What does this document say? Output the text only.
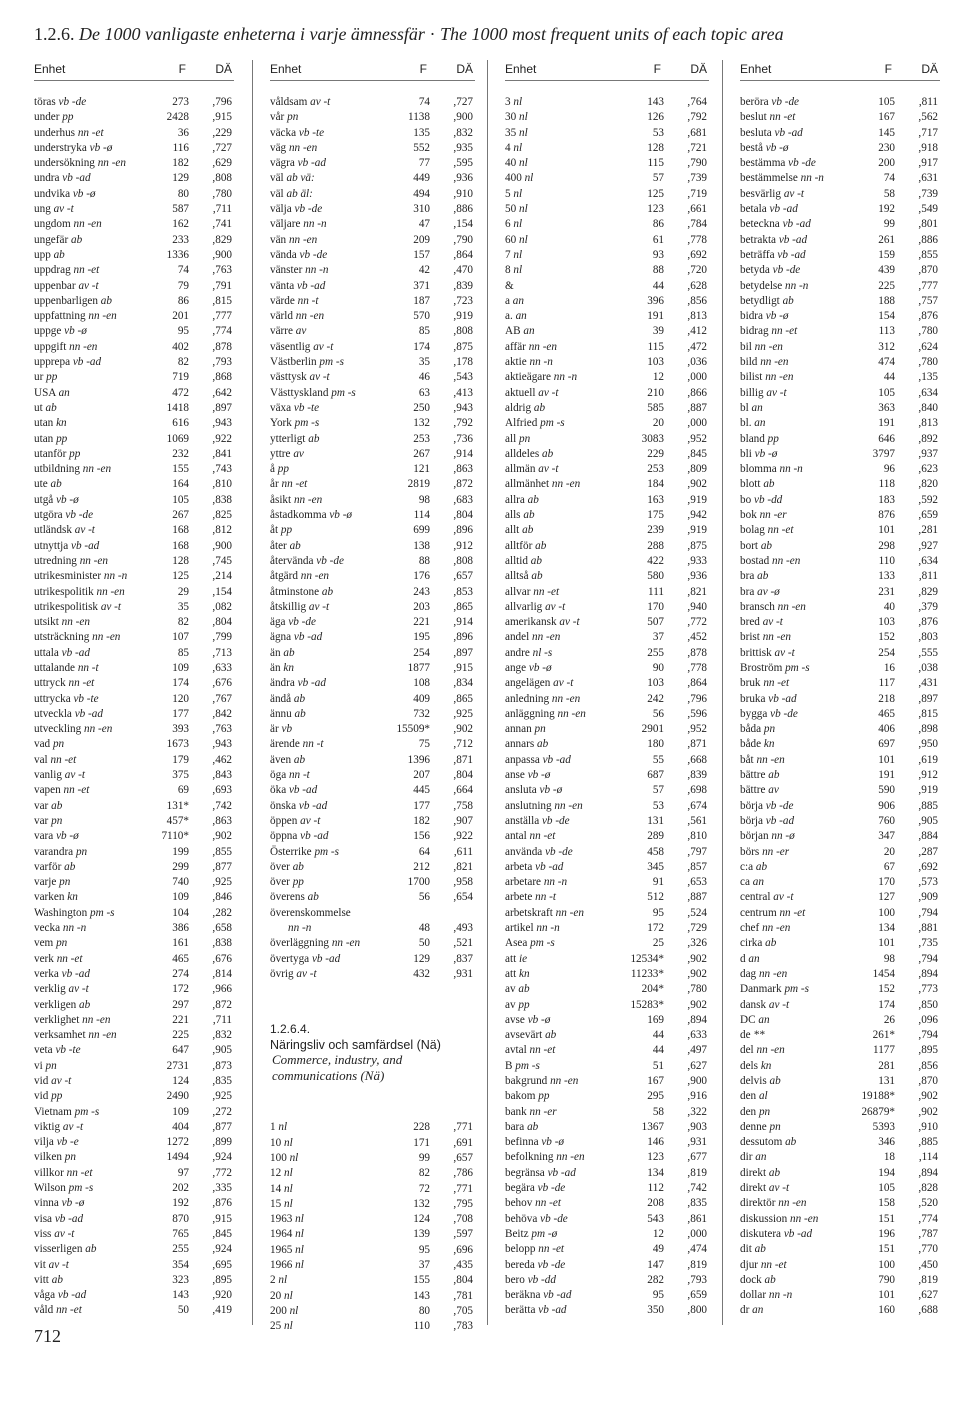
1.2.6. De 1000 vanligaste enheterna i varje ämnessfär · The 1000 most frequent units of each topic area
Enhet	F DÄ
töras vb -de	273 ,796
under pp	2428 ,915
underhus nn -et	36 ,229
understryka vb -ø	116 ,727
undersökning nn -en	182 ,629
undra vb -ad	129 ,808
undvika vb -ø	80 ,780
ung av -t	587 ,711
ungdom nn -en	162 ,741
ungefär ab	233 ,829
upp ab	1336 ,900
uppdrag nn -et	74 ,763
uppenbar av -t	79 ,791
uppenbarligen ab	86 ,815
uppfattning nn -en	201 ,777
uppge vb -ø	95 ,774
uppgift nn -en	402 ,878
upprepa vb -ad	82 ,793
ur pp	719 ,868
USA an	472 ,642
ut ab	1418 ,897
utan kn	616 ,943
utan pp	1069 ,922
utanför pp	232 ,841
utbildning nn -en	155 ,743
ute ab	164 ,810
utgå vb -ø	105 ,838
utgöra vb -de	267 ,825
utländsk av -t	168 ,812
utnyttja vb -ad	168 ,900
utredning nn -en	128 ,745
utrikesminister nn -n	125 ,214
utrikespolitik nn -en	29 ,154
utrikespolitisk av -t	35 ,082
utsikt nn -en	82 ,804
utsträckning nn -en	107 ,799
uttala vb -ad	85 ,713
uttalande nn -t	109 ,633
uttryck nn -et	174 ,676
uttrycka vb -te	120 ,767
utveckla vb -ad	177 ,842
utveckling nn -en	393 ,763
vad pn	1673 ,943
val nn -et	179 ,462
vanlig av -t	375 ,843
vapen nn -et	69 ,693
var ab	131* ,742
var pn	457* ,863
vara vb -ø	7110* ,902
varandra pn	199 ,855
varför ab	299 ,877
varje pn	740 ,925
varken kn	109 ,846
Washington pm -s	104 ,282
vecka nn -n	386 ,658
vem pn	161 ,838
verk nn -et	465 ,676
verka vb -ad	274 ,814
verklig av -t	172 ,966
verkligen ab	297 ,872
verklighet nn -en	221 ,711
verksamhet nn -en	225 ,832
veta vb -te	647 ,905
vi pn	2731 ,873
vid av -t	124 ,835
vid pp	2490 ,925
Vietnam pm -s	109 ,272
viktig av -t	404 ,877
vilja vb -e	1272 ,899
vilken pn	1494 ,924
villkor nn -et	97 ,772
Wilson pm -s	202 ,335
vinna vb -ø	192 ,876
visa vb -ad	870 ,915
viss av -t	765 ,845
visserligen ab	255 ,924
vit av -t	354 ,695
vitt ab	323 ,895
våga vb -ad	143 ,920
våld nn -et	50 ,419
Enhet	F DÄ
våldsam av -t	74 ,727
vår pn	1138 ,900
väcka vb -te	135 ,832
väg nn -en	552 ,935
vägra vb -ad	77 ,595
väl ab vä:	449 ,936
väl ab äl:	494 ,910
välja vb -de	310 ,886
väljare nn -n	47 ,154
vän nn -en	209 ,790
vända vb -de	157 ,864
vänster nn -n	42 ,470
vänta vb -ad	371 ,839
värde nn -t	187 ,723
värld nn -en	570 ,919
värre av	85 ,808
väsentlig av -t	174 ,875
Västberlin pm -s	35 ,178
västtysk av -t	46 ,543
Västtyskland pm -s	63 ,413
växa vb -te	250 ,943
York pm -s	132 ,792
ytterligt ab	253 ,736
yttre av	267 ,914
å pp	121 ,863
år nn -et	2819 ,872
åsikt nn -en	98 ,683
åstadkomma vb -ø	114 ,804
åt pp	699 ,896
åter ab	138 ,912
återvända vb -de	88 ,808
åtgärd nn -en	176 ,657
åtminstone ab	243 ,853
åtskillig av -t	203 ,865
äga vb -de	221 ,914
ägna vb -ad	195 ,896
än ab	254 ,897
än kn	1877 ,915
ändra vb -ad	108 ,834
ändå ab	409 ,865
ännu ab	732 ,925
är vb	15509* ,902
ärende nn -t	75 ,712
även ab	1396 ,871
öga nn -t	207 ,804
öka vb -ad	445 ,664
önska vb -ad	177 ,758
öppen av -t	182 ,907
öppna vb -ad	156 ,922
Österrike pm -s	64 ,611
över ab	212 ,821
över pp	1700 ,958
överens ab	56 ,654
överenskommelse
nn -n	48 ,493
överläggning nn -en	50 ,521
övertyga vb -ad	129 ,837
övrig av -t	432 ,931
1.2.6.4.
Näringsliv och samfärdsel (Nä)
Commerce, industry, and
communications (Nä)
1 nl	228 ,771
10 nl	171 ,691
100 nl	99 ,657
12 nl	82 ,786
14 nl	72 ,771
15 nl	132 ,795
1963 nl	124 ,708
1964 nl	139 ,597
1965 nl	95 ,696
1966 nl	37 ,435
2 nl	155 ,804
20 nl	143 ,781
200 nl	80 ,705
25 nl	110 ,783
Enhet	F DÄ
3 nl	143 ,764
30 nl	126 ,792
35 nl	53 ,681
4 nl	128 ,721
40 nl	115 ,790
400 nl	57 ,739
5 nl	125 ,719
50 nl	123 ,661
6 nl	86 ,784
60 nl	61 ,778
7 nl	93 ,692
8 nl	88 ,720
&	44 ,628
a an	396 ,856
a. an	191 ,813
AB an	39 ,412
affär nn -en	115 ,472
aktie nn -n	103 ,036
aktieägare nn -n	12 ,000
aktuell av -t	210 ,866
aldrig ab	585 ,887
Alfried pm -s	20 ,000
all pn	3083 ,952
alldeles ab	229 ,845
allmän av -t	253 ,809
allmänhet nn -en	184 ,902
allra ab	163 ,919
alls ab	175 ,942
allt ab	239 ,919
alltför ab	288 ,875
alltid ab	422 ,933
alltså ab	580 ,936
allvar nn -et	111 ,821
allvarlig av -t	170 ,940
amerikansk av -t	507 ,772
andel nn -en	37 ,452
andre nl -s	255 ,878
ange vb -ø	90 ,778
angelägen av -t	103 ,864
anledning nn -en	242 ,796
anläggning nn -en	56 ,596
annan pn	2901 ,952
annars ab	180 ,871
anpassa vb -ad	55 ,668
anse vb -ø	687 ,839
ansluta vb -ø	57 ,698
anslutning nn -en	53 ,674
anställa vb -de	131 ,561
antal nn -et	289 ,810
använda vb -de	458 ,797
arbeta vb -ad	345 ,857
arbetare nn -n	91 ,653
arbete nn -t	512 ,887
arbetskraft nn -en	95 ,524
artikel nn -n	172 ,729
Asea pm -s	25 ,326
att ie	12534* ,902
att kn	11233* ,902
av ab	204* ,780
av pp	15283* ,902
avse vb -ø	169 ,894
avsevärt ab	44 ,633
avtal nn -et	44 ,497
B pm -s	51 ,627
bakgrund nn -en	167 ,900
bakom pp	295 ,916
bank nn -er	58 ,322
bara ab	1367 ,903
befinna vb -ø	146 ,931
befolkning nn -en	123 ,677
begränsa vb -ad	134 ,819
begära vb -de	112 ,742
behov nn -et	208 ,835
behöva vb -de	543 ,861
Beitz pm -ø	12 ,000
belopp nn -et	49 ,474
bereda vb -de	147 ,819
bero vb -dd	282 ,793
beräkna vb -ad	95 ,659
berätta vb -ad	350 ,800
Enhet	F DÄ
beröra vb -de	105 ,811
beslut nn -et	167 ,562
besluta vb -ad	145 ,717
bestå vb -ø	230 ,918
bestämma vb -de	200 ,917
bestämmelse nn -n	74 ,631
besvärlig av -t	58 ,739
betala vb -ad	192 ,549
beteckna vb -ad	99 ,801
betrakta vb -ad	261 ,886
beträffa vb -ad	159 ,855
betyda vb -de	439 ,870
betydelse nn -n	225 ,777
betydligt ab	188 ,757
bidra vb -ø	154 ,876
bidrag nn -et	113 ,780
bil nn -en	312 ,624
bild nn -en	474 ,780
bilist nn -en	44 ,135
billig av -t	105 ,634
bl an	363 ,840
bl. an	191 ,813
bland pp	646 ,892
bli vb -ø	3797 ,937
blomma nn -n	96 ,623
blott ab	118 ,820
bo vb -dd	183 ,592
bok nn -er	876 ,659
bolag nn -et	101 ,281
bort ab	298 ,927
bostad nn -en	110 ,634
bra ab	133 ,811
bra av -ø	231 ,829
bransch nn -en	40 ,379
bred av -t	103 ,876
brist nn -en	152 ,803
brittisk av -t	254 ,555
Broström pm -s	16 ,038
bruk nn -et	117 ,431
bruka vb -ad	218 ,897
bygga vb -de	465 ,815
båda pn	406 ,898
både kn	697 ,950
båt nn -en	101 ,619
bättre ab	191 ,912
bättre av	590 ,919
börja vb -de	906 ,885
börja vb -ad	760 ,905
början nn -ø	347 ,884
börs nn -er	20 ,287
c:a ab	67 ,692
ca an	170 ,573
central av -t	127 ,909
centrum nn -et	100 ,794
chef nn -en	134 ,881
cirka ab	101 ,735
d an	98 ,794
dag nn -en	1454 ,894
Danmark pm -s	152 ,773
dansk av -t	174 ,850
DC an	26 ,096
de **	261* ,794
del nn -en	1177 ,895
dels kn	281 ,856
delvis ab	131 ,870
den al	19188* ,902
den pn	26879* ,902
denne pn	5393 ,910
dessutom ab	346 ,885
dir an	18 ,114
direkt ab	194 ,894
direkt av -t	105 ,828
direktör nn -en	158 ,520
diskussion nn -en	151 ,774
diskutera vb -ad	196 ,787
dit ab	151 ,770
djur nn -et	100 ,450
dock ab	790 ,819
dollar nn -n	101 ,627
dr an	160 ,688
712
